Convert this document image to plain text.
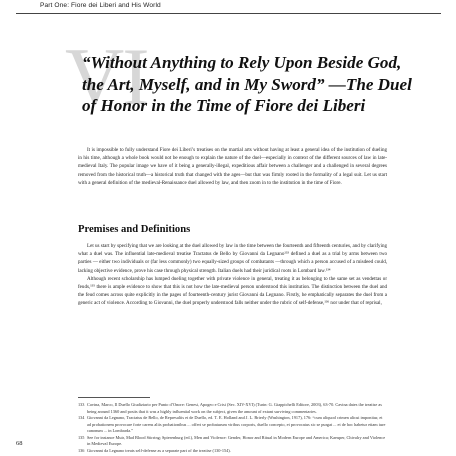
Part One: Fiore dei Liberi and His World
VI
“Without Anything to Rely Upon Beside God, the Art, Myself, and in My Sword” —The Duel of Honor in the Time of Fiore dei Liberi

It is impossible to fully understand Fiore dei Liberi’s treatises on the martial arts without having at least a general idea of the institution of dueling in his time, although a whole book would not be enough to explain the nature of the duel—especially in context of the different sources of law in late-medieval Italy. The popular image we have of it being a generally-illegal, expeditious affair between a challenger and a challenged in several degrees removed from the historical truth—a historical truth that changed with the ages—but that was firmly rooted in the formality of a legal suit. Let us start with a general definition of the medieval-Renaissance duel allowed by law, and then zoom in to the institution in the time of Fiore.

Premises and Definitions

Let us start by specifying that we are looking at the duel allowed by law in the time between the fourteenth and fifteenth centuries, and by clarifying what a duel was. The influential late-medieval treatise Tractatus de Bello by Giovanni da Legnano¹³³ defined a duel as a trial by arms between two parties — either two individuals or (far less commonly) two equally-sized groups of combatants —through which a person accused of a misdeed could, lacking objective evidence, prove his case through physical strength. Italian duels had their juridical roots in Lombard law.¹³⁴

Although recent scholarship has lumped dueling together with private violence in general, treating it as belonging to the same set as vendettas or feuds,¹³⁵ there is ample evidence to show that this is not how the late-medieval person understood this institution. The distinction between the duel and the feud comes across quite explicitly in the pages of fourteenth-century jurist Giovanni da Legnano. Firstly, he emphatically separates the duel from a generic act of violence. According to Giovanni, the duel properly understood falls neither under the rubric of self-defense,¹³⁶ nor under that of reprisal,

133 Cavina, Marco, Il Duello Giudiziario per Punto d’Onore: Genesi, Apogeo e Crisi (Sec. XIV-XVI) (Turin: G. Giappichelli Editore, 2003), 63-70. Cavina dates the treatise as being around 1360 and posits that it was a highly influential work on the subject, given the amount of extant surviving commentaries.
134 Giovanni da Legnano, Tractatus de Bello, de Represaliis et de Duello, ed. T. E. Holland and J. L. Brierly (Washington, 1917), 176: “cum aliquod crimen alicui imponitur, et ad probationem provocare forte carens aliis probationibus ... offert se probaturum viribus corporis, duello concepto, et provocatus sic se purgat ... et de hoc habetur etiam iure canonum ... in Lombarda.”
135 See for instance Muir, Mad Blood Stirring; Spierenburg (ed.), Men and Violence: Gender, Honor and Ritual in Modern Europe and America; Kaeuper, Chivalry and Violence in Medieval Europe.
136 Giovanni da Legnano treats self-defense as a separate part of the treatise (130-154).
68
